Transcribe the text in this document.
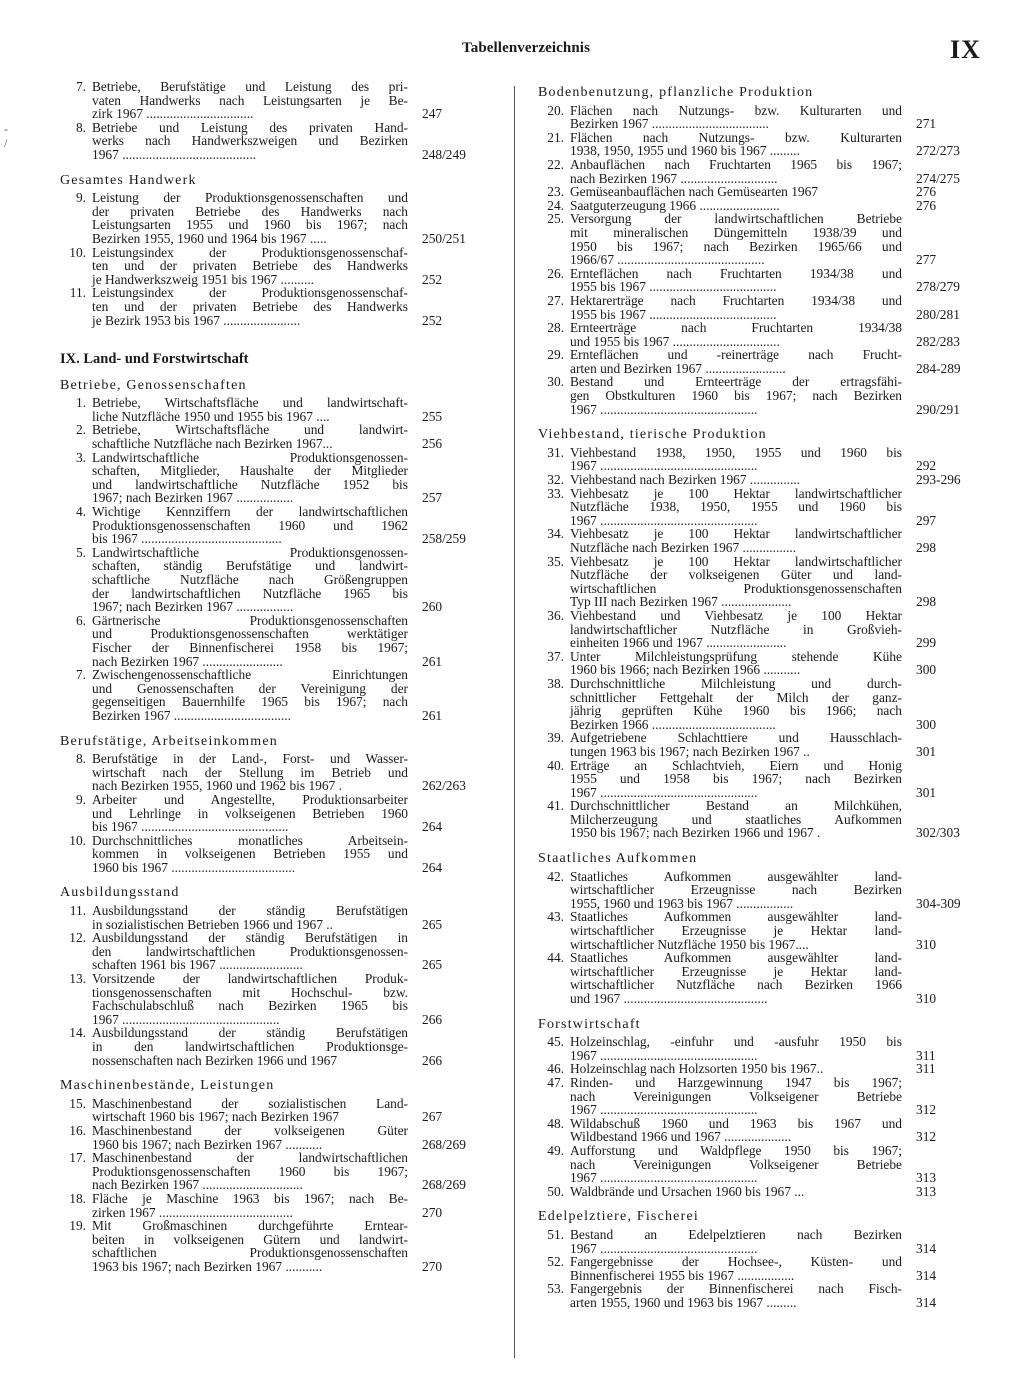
Tabellenverzeichnis	IX
-
/
7. Betriebe, Berufstätige und Leistung des pri-
vaten Handwerks nach Leistungsarten je Be-
zirk 1967 ................................	247
8. Betriebe und Leistung des privaten Hand-
werks nach Handwerkszweigen und Bezirken
1967 ........................................	248/249
Gesamtes Handwerk
9. Leistung der Produktionsgenossenschaften und
der privaten Betriebe des Handwerks nach
Leistungsarten 1955 und 1960 bis 1967; nach
Bezirken 1955, 1960 und 1964 bis 1967 .....	250/251
10. Leistungsindex der Produktionsgenossenschaf-
ten und der privaten Betriebe des Handwerks
je Handwerkszweig 1951 bis 1967 ..........	252
11. Leistungsindex der Produktionsgenossenschaf-
ten und der privaten Betriebe des Handwerks
je Bezirk 1953 bis 1967 .......................	252
IX. Land- und Forstwirtschaft
Betriebe, Genossenschaften
1. Betriebe, Wirtschaftsfläche und landwirtschaft-
liche Nutzfläche 1950 und 1955 bis 1967 ....	255
2. Betriebe, Wirtschaftsfläche und landwirt-
schaftliche Nutzfläche nach Bezirken 1967...	256
3. Landwirtschaftliche Produktionsgenossen-
schaften, Mitglieder, Haushalte der Mitglieder
und landwirtschaftliche Nutzfläche 1952 bis
1967; nach Bezirken 1967 .................	257
4. Wichtige Kennziffern der landwirtschaftlichen
Produktionsgenossenschaften 1960 und 1962
bis 1967 ..........................................	258/259
5. Landwirtschaftliche Produktionsgenossen-
schaften, ständig Berufstätige und landwirt-
schaftliche Nutzfläche nach Größengruppen
der landwirtschaftlichen Nutzfläche 1965 bis
1967; nach Bezirken 1967 .................	260
6. Gärtnerische Produktionsgenossenschaften
und Produktionsgenossenschaften werktätiger
Fischer der Binnenfischerei 1958 bis 1967;
nach Bezirken 1967 ........................	261
7. Zwischengenossenschaftliche Einrichtungen
und Genossenschaften der Vereinigung der
gegenseitigen Bauernhilfe 1965 bis 1967; nach
Bezirken 1967 ...................................	261
Berufstätige, Arbeitseinkommen
8. Berufstätige in der Land-, Forst- und Wasser-
wirtschaft nach der Stellung im Betrieb und
nach Bezirken 1955, 1960 und 1962 bis 1967 .	262/263
9. Arbeiter und Angestellte, Produktionsarbeiter
und Lehrlinge in volkseigenen Betrieben 1960
bis 1967 ............................................	264
10. Durchschnittliches monatliches Arbeitsein-
kommen in volkseigenen Betrieben 1955 und
1960 bis 1967 .....................................	264
Ausbildungsstand
11. Ausbildungsstand der ständig Berufstätigen
in sozialistischen Betrieben 1966 und 1967 ..	265
12. Ausbildungsstand der ständig Berufstätigen in
den landwirtschaftlichen Produktionsgenossen-
schaften 1961 bis 1967 .........................	265
13. Vorsitzende der landwirtschaftlichen Produk-
tionsgenossenschaften mit Hochschul- bzw.
Fachschulabschluß nach Bezirken 1965 bis
1967 ...............................................	266
14. Ausbildungsstand der ständig Berufstätigen
in den landwirtschaftlichen Produktionsge-
nossenschaften nach Bezirken 1966 und 1967	266
Maschinenbestände, Leistungen
15. Maschinenbestand der sozialistischen Land-
wirtschaft 1960 bis 1967; nach Bezirken 1967	267
16. Maschinenbestand der volkseigenen Güter
1960 bis 1967; nach Bezirken 1967 ...........	268/269
17. Maschinenbestand der landwirtschaftlichen
Produktionsgenossenschaften 1960 bis 1967;
nach Bezirken 1967 ..............................	268/269
18. Fläche je Maschine 1963 bis 1967; nach Be-
zirken 1967 ........................................	270
19. Mit Großmaschinen durchgeführte Erntear-
beiten in volkseigenen Gütern und landwirt-
schaftlichen Produktionsgenossenschaften
1963 bis 1967; nach Bezirken 1967 ...........	270
Bodenbenutzung, pflanzliche Produktion
20. Flächen nach Nutzungs- bzw. Kulturarten und
Bezirken 1967 ...................................	271
21. Flächen nach Nutzungs- bzw. Kulturarten
1938, 1950, 1955 und 1960 bis 1967 .........	272/273
22. Anbauflächen nach Fruchtarten 1965 bis 1967;
nach Bezirken 1967 .............................	274/275
23. Gemüseanbauflächen nach Gemüsearten 1967	276
24. Saatguterzeugung 1966 ........................	276
25. Versorgung der landwirtschaftlichen Betriebe
mit mineralischen Düngemitteln 1938/39 und
1950 bis 1967; nach Bezirken 1965/66 und
1966/67 ............................................	277
26. Ernteflächen nach Fruchtarten 1934/38 und
1955 bis 1967 ......................................	278/279
27. Hektarerträge nach Fruchtarten 1934/38 und
1955 bis 1967 ......................................	280/281
28. Ernteerträge nach Fruchtarten 1934/38
und 1955 bis 1967 ................................	282/283
29. Ernteflächen und -reinerträge nach Frucht-
arten und Bezirken 1967 ........................	284-289
30. Bestand und Ernteerträge der ertragsfähi-
gen Obstkulturen 1960 bis 1967; nach Bezirken
1967 ...............................................	290/291
Viehbestand, tierische Produktion
31. Viehbestand 1938, 1950, 1955 und 1960 bis
1967 ...............................................	292
32. Viehbestand nach Bezirken 1967 ...............	293-296
33. Viehbesatz je 100 Hektar landwirtschaftlicher
Nutzfläche 1938, 1950, 1955 und 1960 bis
1967 ...............................................	297
34. Viehbesatz je 100 Hektar landwirtschaftlicher
Nutzfläche nach Bezirken 1967 ................	298
35. Viehbesatz je 100 Hektar landwirtschaftlicher
Nutzfläche der volkseigenen Güter und land-
wirtschaftlichen Produktionsgenossenschaften
Typ III nach Bezirken 1967 .....................	298
36. Viehbestand und Viehbesatz je 100 Hektar
landwirtschaftlicher Nutzfläche in Großvieh-
einheiten 1966 und 1967 ........................	299
37. Unter Milchleistungsprüfung stehende Kühe
1960 bis 1966; nach Bezirken 1966 ...........	300
38. Durchschnittliche Milchleistung und durch-
schnittlicher Fettgehalt der Milch der ganz-
jährig geprüften Kühe 1960 bis 1966; nach
Bezirken 1966 .....................................	300
39. Aufgetriebene Schlachttiere und Hausschlach-
tungen 1963 bis 1967; nach Bezirken 1967 ..	301
40. Erträge an Schlachtvieh, Eiern und Honig
1955 und 1958 bis 1967; nach Bezirken
1967 ...............................................	301
41. Durchschnittlicher Bestand an Milchkühen,
Milcherzeugung und staatliches Aufkommen
1950 bis 1967; nach Bezirken 1966 und 1967 .	302/303
Staatliches Aufkommen
42. Staatliches Aufkommen ausgewählter land-
wirtschaftlicher Erzeugnisse nach Bezirken
1955, 1960 und 1963 bis 1967 .................	304-309
43. Staatliches Aufkommen ausgewählter land-
wirtschaftlicher Erzeugnisse je Hektar land-
wirtschaftlicher Nutzfläche 1950 bis 1967....	310
44. Staatliches Aufkommen ausgewählter land-
wirtschaftlicher Erzeugnisse je Hektar land-
wirtschaftlicher Nutzfläche nach Bezirken 1966
und 1967 ...........................................	310
Forstwirtschaft
45. Holzeinschlag, -einfuhr und -ausfuhr 1950 bis
1967 ...............................................	311
46. Holzeinschlag nach Holzsorten 1950 bis 1967..	311
47. Rinden- und Harzgewinnung 1947 bis 1967;
nach Vereinigungen Volkseigener Betriebe
1967 ...............................................	312
48. Wildabschuß 1960 und 1963 bis 1967 und
Wildbestand 1966 und 1967 ....................	312
49. Aufforstung und Waldpflege 1950 bis 1967;
nach Vereinigungen Volkseigener Betriebe
1967 ...............................................	313
50. Waldbrände und Ursachen 1960 bis 1967 ...	313
Edelpelztiere, Fischerei
51. Bestand an Edelpelztieren nach Bezirken
1967 ...............................................	314
52. Fangergebnisse der Hochsee-, Küsten- und
Binnenfischerei 1955 bis 1967 .................	314
53. Fangergebnis der Binnenfischerei nach Fisch-
arten 1955, 1960 und 1963 bis 1967 .........	314
